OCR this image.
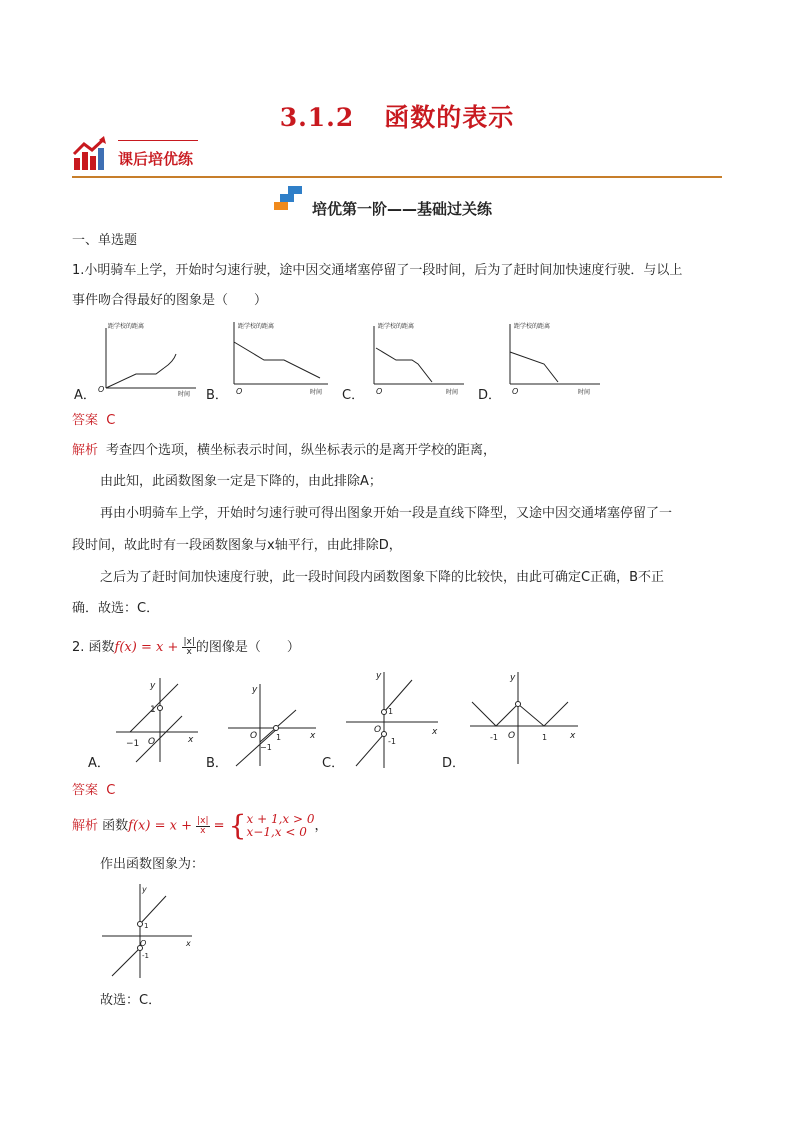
3.1.2 函数的表示
课后培优练
培优第一阶——基础过关练
一、单选题
1.小明骑车上学，开始时匀速行驶，途中因交通堵塞停留了一段时间，后为了赶时间加快速度行驶．与以上
事件吻合得最好的图象是（　　）
A．
距学校的距离
时间
O	B．
距学校的距离
时间
O	C．
距学校的距离
时间
O	D．
距学校的距离
时间
O
答案 C
解析 考查四个选项，横坐标表示时间，纵坐标表示的是离开学校的距离，
由此知，此函数图象一定是下降的，由此排除A；
再由小明骑车上学，开始时匀速行驶可得出图象开始一段是直线下降型，又途中因交通堵塞停留了一
段时间，故此时有一段函数图象与x轴平行，由此排除D，
之后为了赶时间加快速度行驶，此一段时间段内函数图象下降的比较快，由此可确定C正确，B不正
确．故选：C．
2. 函数$f(x) = x + \frac{|x|}{x}$ 的图像是（　　）
A．
y
x
O
1
−1
B．
y
x
O 1
−1
C．
y
x
O
1
-1
D．
y
x
O
-1	1
答案 C
解析 函数$f(x) = x + \frac{|x|}{x}$ = { x + 1,x > 0
x−1,x < 0 ，
作出函数图象为：
y
x
O
1
-1
故选：C．
